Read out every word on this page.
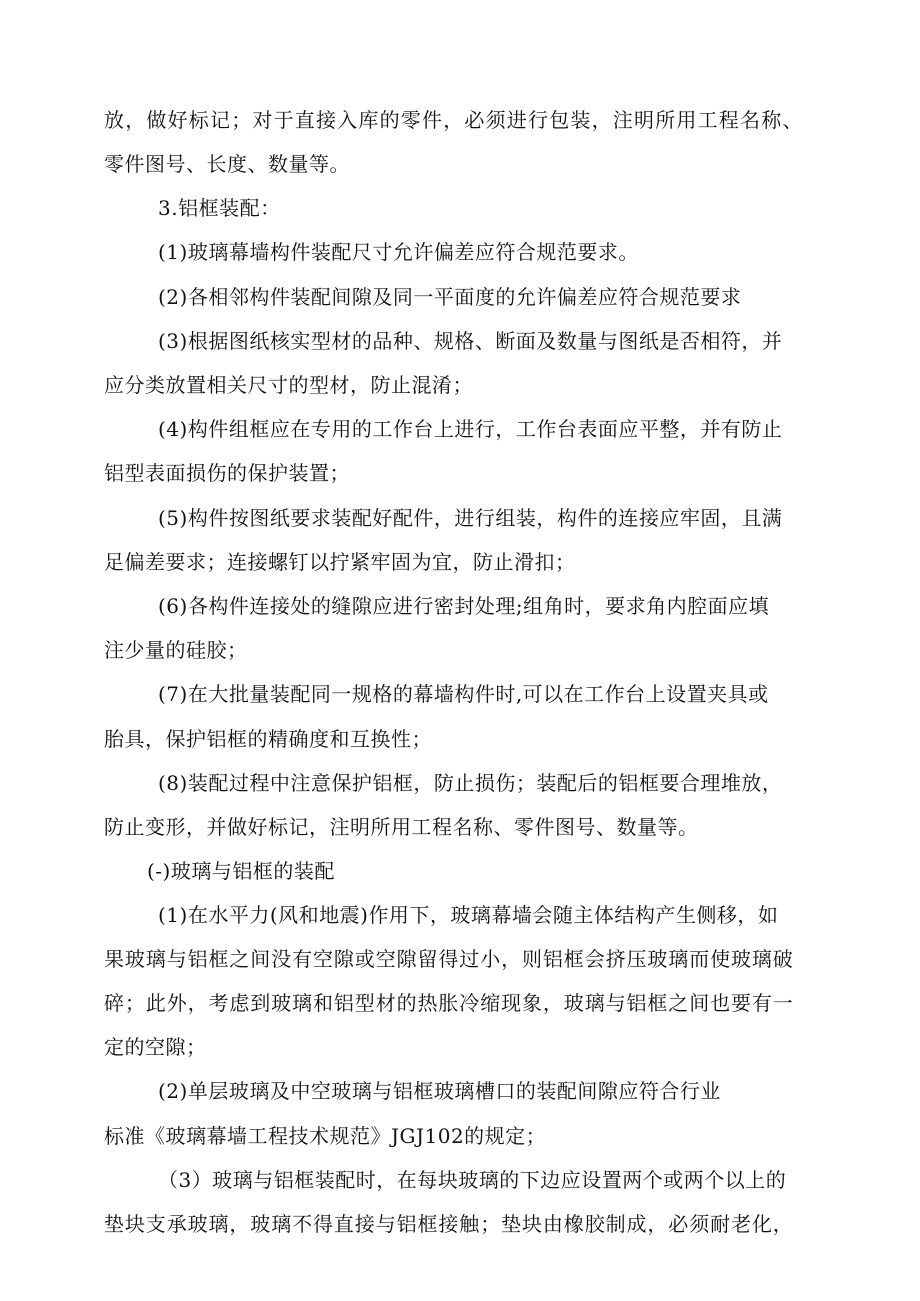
放，做好标记；对于直接入库的零件，必须进行包装，注明所用工程名称、
零件图号、长度、数量等。
3.铝框装配：
(1)玻璃幕墙构件装配尺寸允许偏差应符合规范要求。
(2)各相邻构件装配间隙及同一平面度的允许偏差应符合规范要求
(3)根据图纸核实型材的品种、规格、断面及数量与图纸是否相符，并
应分类放置相关尺寸的型材，防止混淆；
(4)构件组框应在专用的工作台上进行，工作台表面应平整，并有防止
铝型表面损伤的保护装置；
(5)构件按图纸要求装配好配件，进行组装，构件的连接应牢固，且满
足偏差要求；连接螺钉以拧紧牢固为宜，防止滑扣；
(6)各构件连接处的缝隙应进行密封处理;组角时，要求角内腔面应填
注少量的硅胶；
(7)在大批量装配同一规格的幕墙构件时,可以在工作台上设置夹具或
胎具，保护铝框的精确度和互换性；
(8)装配过程中注意保护铝框，防止损伤；装配后的铝框要合理堆放，
防止变形，并做好标记，注明所用工程名称、零件图号、数量等。
(-)玻璃与铝框的装配
(1)在水平力(风和地震)作用下，玻璃幕墙会随主体结构产生侧移，如
果玻璃与铝框之间没有空隙或空隙留得过小，则铝框会挤压玻璃而使玻璃破
碎；此外，考虑到玻璃和铝型材的热胀冷缩现象，玻璃与铝框之间也要有一
定的空隙；
(2)单层玻璃及中空玻璃与铝框玻璃槽口的装配间隙应符合行业
标准《玻璃幕墙工程技术规范》JGJ102的规定；
（3）玻璃与铝框装配时，在每块玻璃的下边应设置两个或两个以上的
垫块支承玻璃，玻璃不得直接与铝框接触；垫块由橡胶制成，必须耐老化，
